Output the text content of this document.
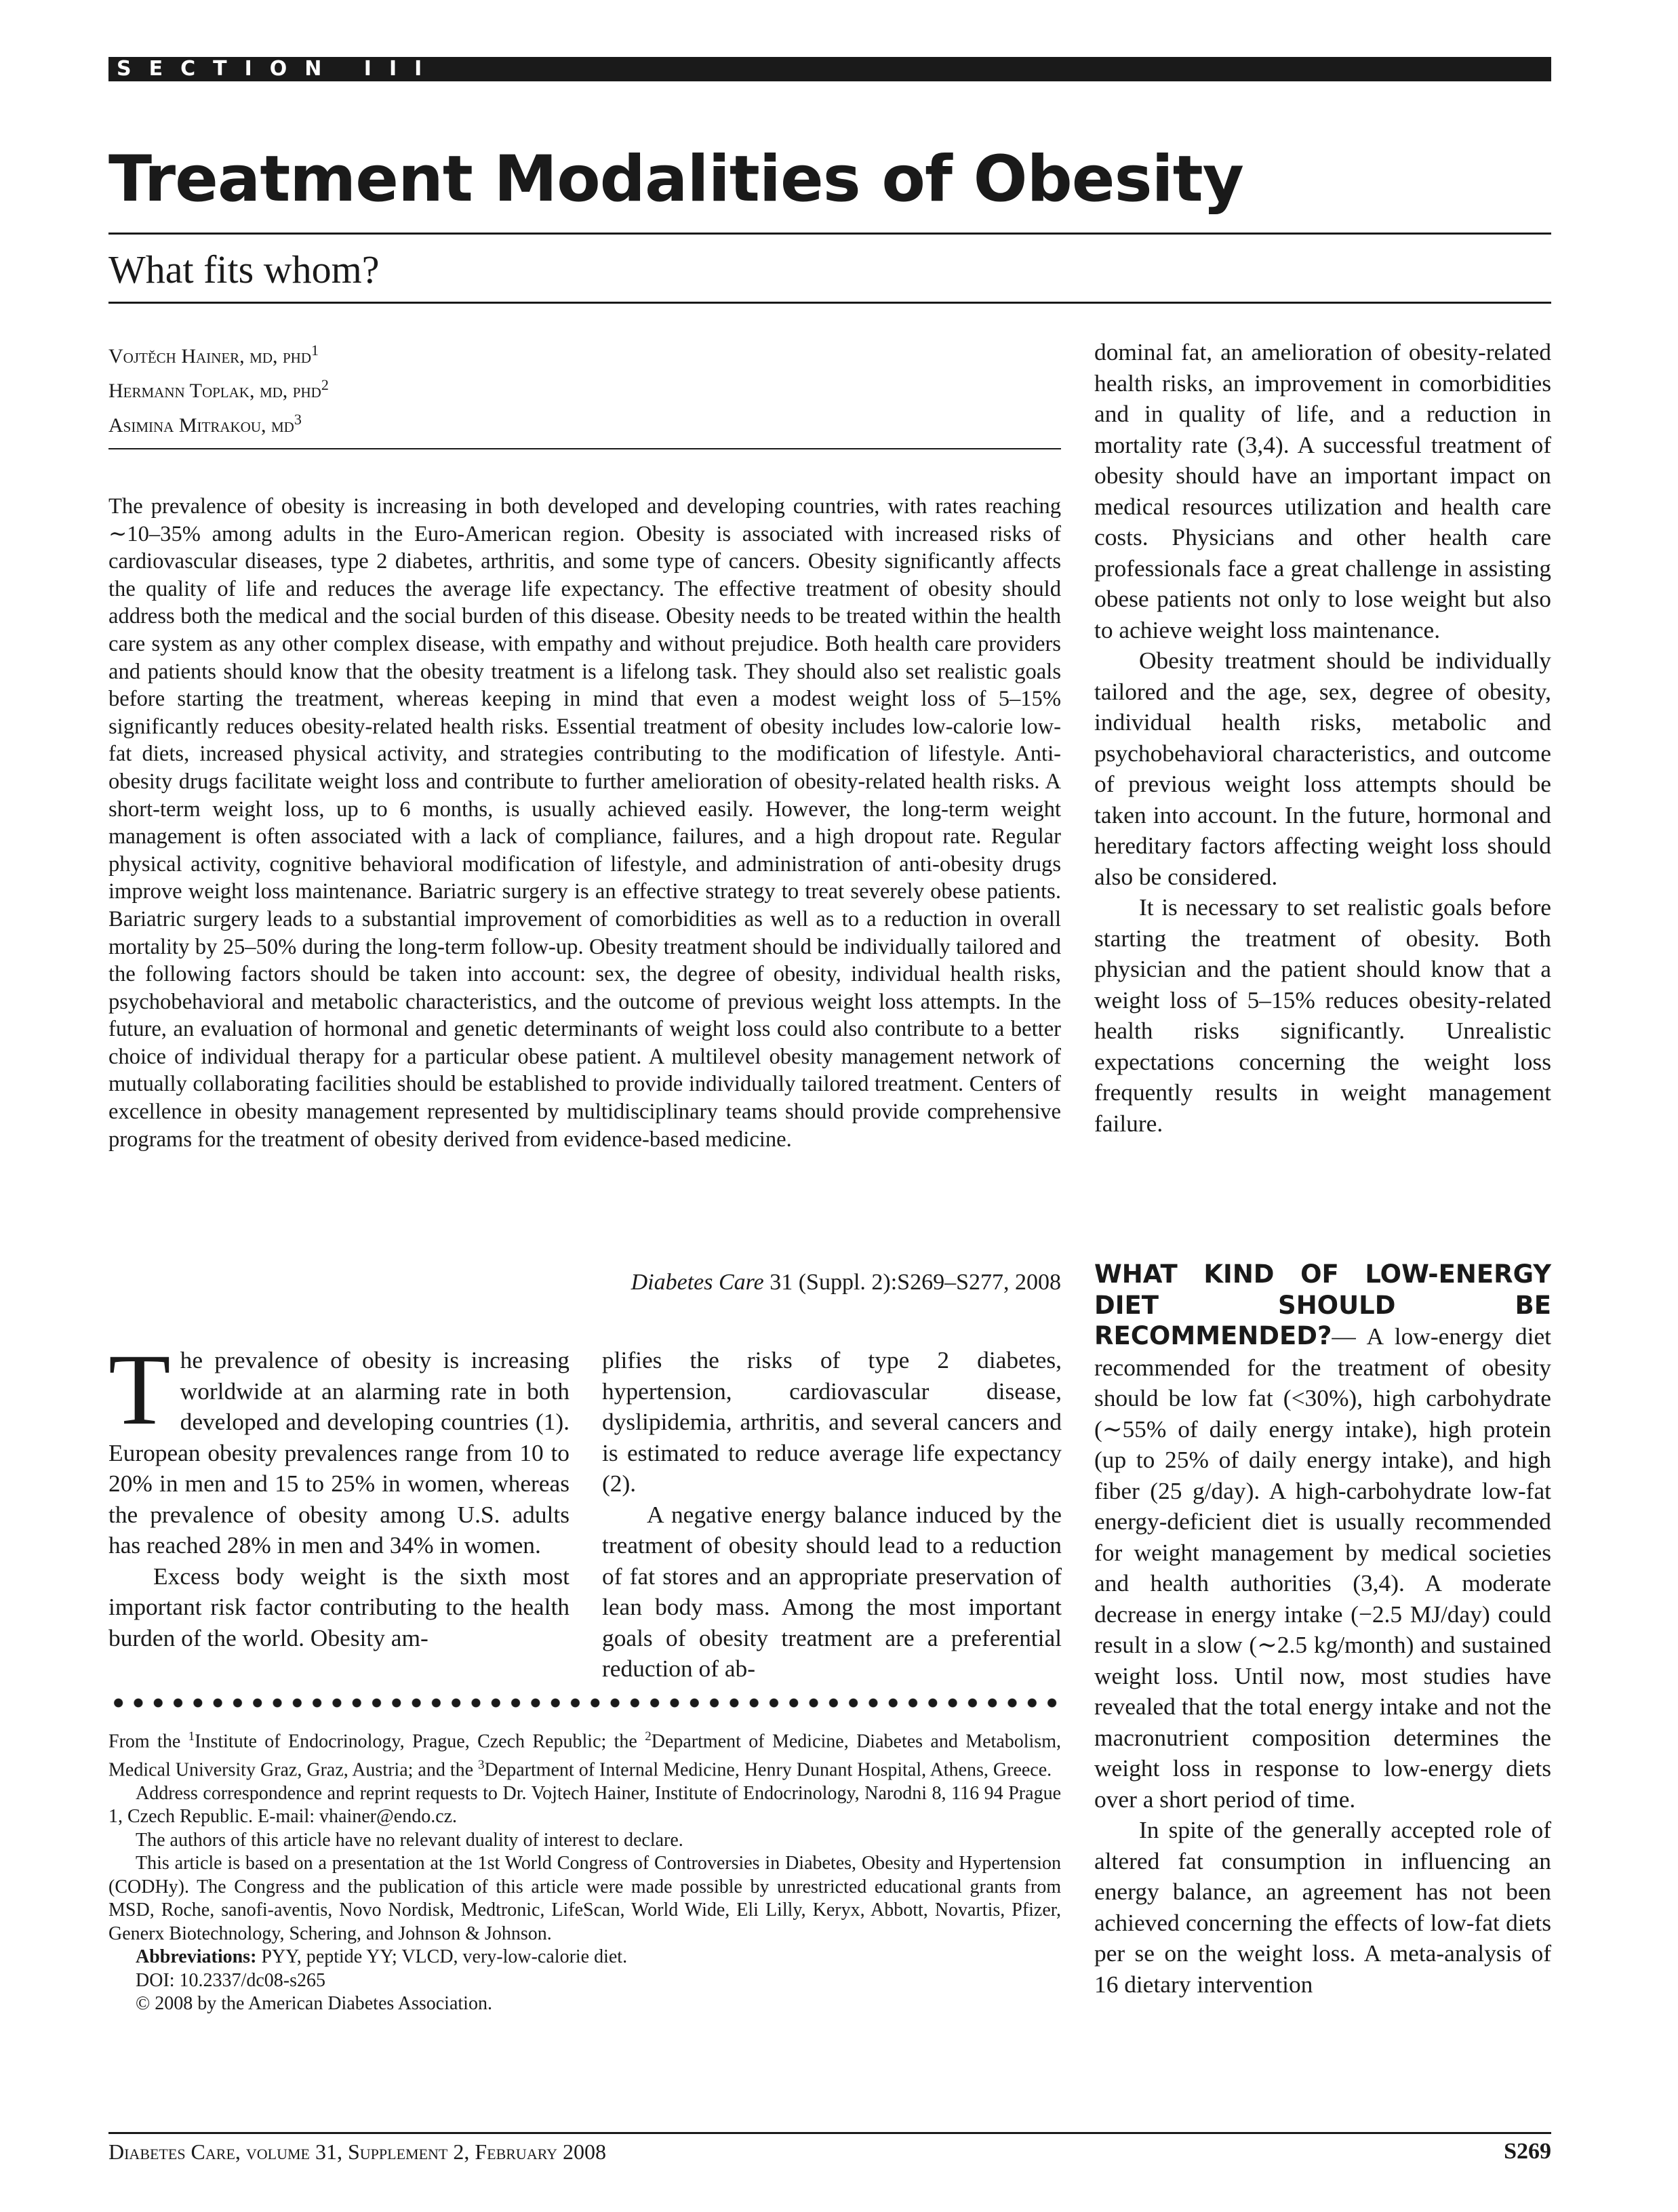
SECTION III
Treatment Modalities of Obesity
What fits whom?
Vojtěch Hainer, md, phd$^1$
Hermann Toplak, md, phd$^2$
Asimina Mitrakou, $md^3$
The prevalence of obesity is increasing in both developed and developing countries, with rates reaching ∼10–35% among adults in the Euro-American region. Obesity is associated with increased risks of cardiovascular diseases, type 2 diabetes, arthritis, and some type of cancers. Obesity significantly affects the quality of life and reduces the average life expectancy. The effective treatment of obesity should address both the medical and the social burden of this disease. Obesity needs to be treated within the health care system as any other complex disease, with empathy and without prejudice. Both health care providers and patients should know that the obesity treatment is a lifelong task. They should also set realistic goals before starting the treatment, whereas keeping in mind that even a modest weight loss of 5–15% significantly reduces obesity-related health risks. Essential treatment of obesity includes low-calorie low-fat diets, increased physical activity, and strategies contributing to the modification of lifestyle. Anti-obesity drugs facilitate weight loss and contribute to further amelioration of obesity-related health risks. A short-term weight loss, up to 6 months, is usually achieved easily. However, the long-term weight management is often associated with a lack of compliance, failures, and a high dropout rate. Regular physical activity, cognitive behavioral modification of lifestyle, and administration of anti-obesity drugs improve weight loss maintenance. Bariatric surgery is an effective strategy to treat severely obese patients. Bariatric surgery leads to a substantial improvement of comorbidities as well as to a reduction in overall mortality by 25–50% during the long-term follow-up. Obesity treatment should be individually tailored and the following factors should be taken into account: sex, the degree of obesity, individual health risks, psychobehavioral and metabolic characteristics, and the outcome of previous weight loss attempts. In the future, an evaluation of hormonal and genetic determinants of weight loss could also contribute to a better choice of individual therapy for a particular obese patient. A multilevel obesity management network of mutually collaborating facilities should be established to provide individually tailored treatment. Centers of excellence in obesity management represented by multidisciplinary teams should provide comprehensive programs for the treatment of obesity derived from evidence-based medicine.
Diabetes Care 31 (Suppl. 2):S269–S277, 2008

The prevalence of obesity is increasing worldwide at an alarming rate in both developed and developing countries (1). European obesity prevalences range from 10 to 20% in men and 15 to 25% in women, whereas the prevalence of obesity among U.S. adults has reached 28% in men and 34% in women.

Excess body weight is the sixth most important risk factor contributing to the health burden of the world. Obesity am-

plifies the risks of type 2 diabetes, hypertension, cardiovascular disease, dyslipidemia, arthritis, and several cancers and is estimated to reduce average life expectancy (2).

A negative energy balance induced by the treatment of obesity should lead to a reduction of fat stores and an appropriate preservation of lean body mass. Among the most important goals of obesity treatment are a preferential reduction of ab-

dominal fat, an amelioration of obesity-related health risks, an improvement in comorbidities and in quality of life, and a reduction in mortality rate (3,4). A successful treatment of obesity should have an important impact on medical resources utilization and health care costs. Physicians and other health care professionals face a great challenge in assisting obese patients not only to lose weight but also to achieve weight loss maintenance.

Obesity treatment should be individually tailored and the age, sex, degree of obesity, individual health risks, metabolic and psychobehavioral characteristics, and outcome of previous weight loss attempts should be taken into account. In the future, hormonal and hereditary factors affecting weight loss should also be considered.

It is necessary to set realistic goals before starting the treatment of obesity. Both physician and the patient should know that a weight loss of 5–15% reduces obesity-related health risks significantly. Unrealistic expectations concerning the weight loss frequently results in weight management failure.

WHAT KIND OF LOW-ENERGY DIET SHOULD BE RECOMMENDED?— A low-energy diet recommended for the treatment of obesity should be low fat (<30%), high carbohydrate (∼55% of daily energy intake), high protein (up to 25% of daily energy intake), and high fiber (25 g/day). A high-carbohydrate low-fat energy-deficient diet is usually recommended for weight management by medical societies and health authorities (3,4). A moderate decrease in energy intake (−2.5 MJ/day) could result in a slow (∼2.5 kg/month) and sustained weight loss. Until now, most studies have revealed that the total energy intake and not the macronutrient composition determines the weight loss in response to low-energy diets over a short period of time.

In spite of the generally accepted role of altered fat consumption in influencing an energy balance, an agreement has not been achieved concerning the effects of low-fat diets per se on the weight loss. A meta-analysis of 16 dietary intervention

From the $^1$Institute of Endocrinology, Prague, Czech Republic; the $^2$Department of Medicine, Diabetes and Metabolism, Medical University Graz, Graz, Austria; and the $^3$Department of Internal Medicine, Henry Dunant Hospital, Athens, Greece.

Address correspondence and reprint requests to Dr. Vojtech Hainer, Institute of Endocrinology, Narodni 8, 116 94 Prague 1, Czech Republic. E-mail: vhainer@endo.cz.

The authors of this article have no relevant duality of interest to declare.

This article is based on a presentation at the 1st World Congress of Controversies in Diabetes, Obesity and Hypertension (CODHy). The Congress and the publication of this article were made possible by unrestricted educational grants from MSD, Roche, sanofi-aventis, Novo Nordisk, Medtronic, LifeScan, World Wide, Eli Lilly, Keryx, Abbott, Novartis, Pfizer, Generx Biotechnology, Schering, and Johnson & Johnson.

Abbreviations: PYY, peptide YY; VLCD, very-low-calorie diet.

DOI: 10.2337/dc08-s265

© 2008 by the American Diabetes Association.

Diabetes Care, volume 31, Supplement 2, February 2008	S269
